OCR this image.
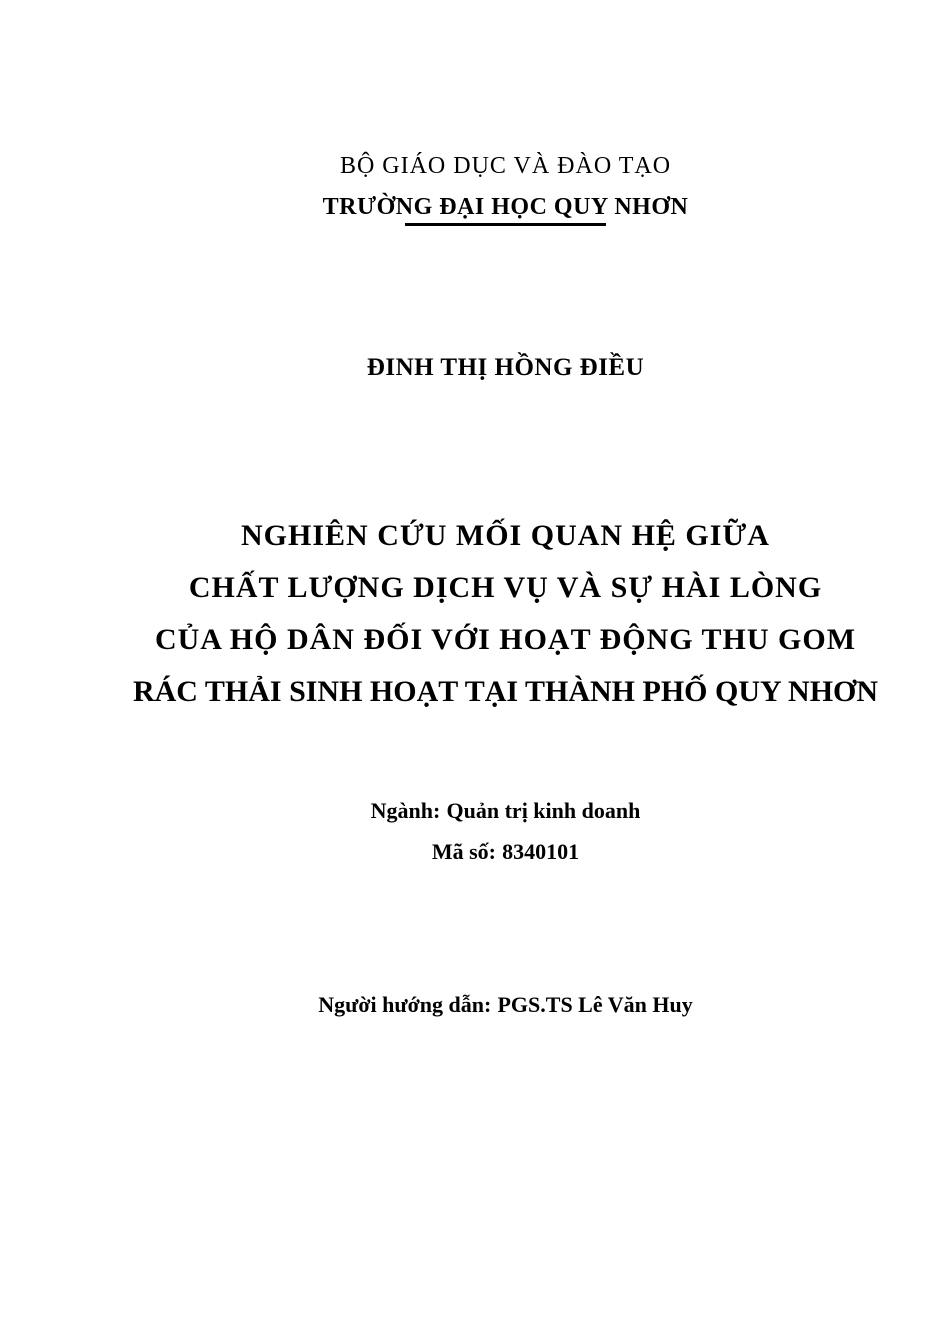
BỘ GIÁO DỤC VÀ ĐÀO TẠO
TRƯỜNG ĐẠI HỌC QUY NHƠN
ĐINH THỊ HỒNG ĐIỀU
NGHIÊN CỨU MỐI QUAN HỆ GIỮA
CHẤT LƯỢNG DỊCH VỤ VÀ SỰ HÀI LÒNG
CỦA HỘ DÂN ĐỐI VỚI HOẠT ĐỘNG THU GOM
RÁC THẢI SINH HOẠT TẠI THÀNH PHỐ QUY NHƠN
Ngành: Quản trị kinh doanh
Mã số: 8340101
Người hướng dẫn: PGS.TS Lê Văn Huy
